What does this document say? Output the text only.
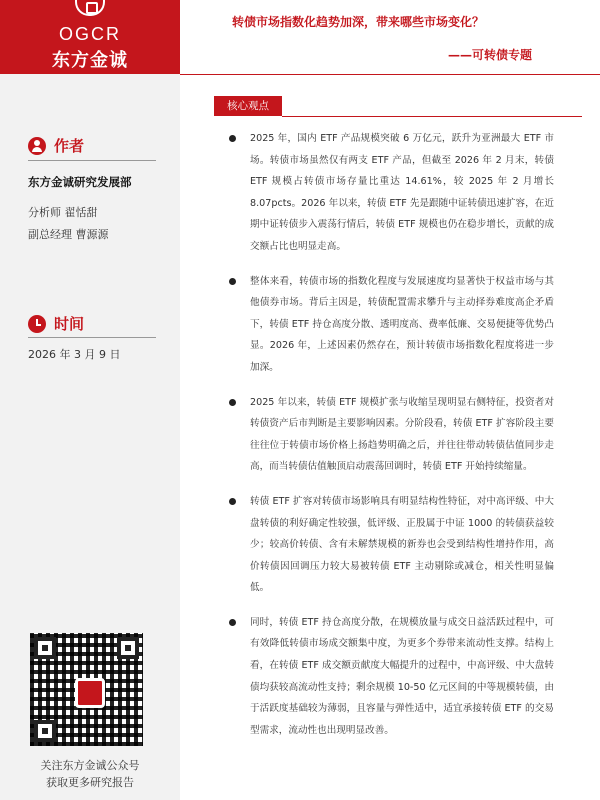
OGCR
东方金诚
作者
东方金诚研究发展部
分析师 翟恬甜
副总经理 曹源源
时间
2026 年 3 月 9 日
关注东方金诚公众号
获取更多研究报告
转债市场指数化趋势加深，带来哪些市场变化？
——可转债专题
核心观点
2025 年，国内 ETF 产品规模突破 6 万亿元，跃升为亚洲最大 ETF 市场。转债市场虽然仅有两支 ETF 产品，但截至 2026 年 2 月末，转债 ETF 规模占转债市场存量比重达 14.61%，较 2025 年 2 月增长 8.07pcts。2026 年以来，转债 ETF 先是跟随中证转债迅速扩容，在近期中证转债步入震荡行情后，转债 ETF 规模也仍在稳步增长，贡献的成交额占比也明显走高。
整体来看，转债市场的指数化程度与发展速度均显著快于权益市场与其他债券市场。背后主因是，转债配置需求攀升与主动择券难度高企矛盾下，转债 ETF 持仓高度分散、透明度高、费率低廉、交易便捷等优势凸显。2026 年，上述因素仍然存在，预计转债市场指数化程度将进一步加深。
2025 年以来，转债 ETF 规模扩张与收缩呈现明显右侧特征，投资者对转债资产后市判断是主要影响因素。分阶段看，转债 ETF 扩容阶段主要往往位于转债市场价格上扬趋势明确之后，并往往带动转债估值同步走高，而当转债估值触顶启动震荡回调时，转债 ETF 开始持续缩量。
转债 ETF 扩容对转债市场影响具有明显结构性特征，对中高评级、中大盘转债的利好确定性较强，低评级、正股属于中证 1000 的转债获益较少；较高价转债、含有未解禁规模的新券也会受到结构性增持作用，高价转债因回调压力较大易被转债 ETF 主动剔除或减仓，相关性明显偏低。
同时，转债 ETF 持仓高度分散，在规模放量与成交日益活跃过程中，可有效降低转债市场成交额集中度，为更多个券带来流动性支撑。结构上看，在转债 ETF 成交额贡献度大幅提升的过程中，中高评级、中大盘转债均获较高流动性支持；剩余规模 10-50 亿元区间的中等规模转债，由于活跃度基础较为薄弱，且容量与弹性适中，适宜承接转债 ETF 的交易型需求，流动性也出现明显改善。
